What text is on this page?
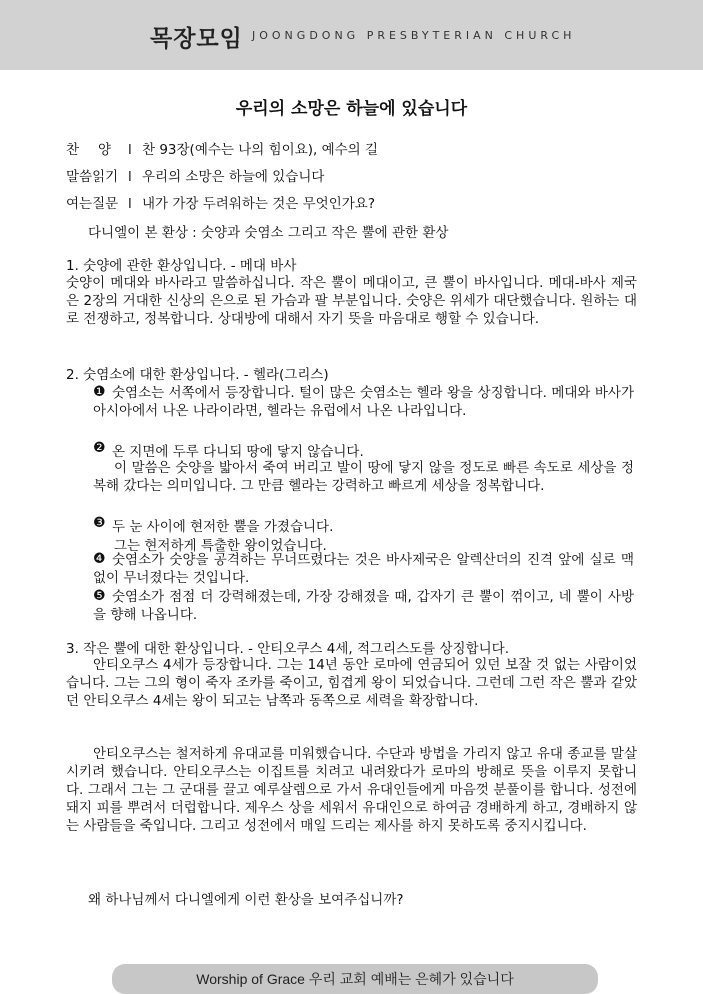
목장모임 JOONGDONG PRESBYTERIAN CHURCH
우리의 소망은 하늘에 있습니다
찬 양 l 찬 93장(예수는 나의 힘이요), 예수의 길
말씀읽기 l 우리의 소망은 하늘에 있습니다
여는질문 l 내가 가장 두려워하는 것은 무엇인가요?
다니엘이 본 환상 : 숫양과 숫염소 그리고 작은 뿔에 관한 환상
1. 숫양에 관한 환상입니다. - 메대 바사
숫양이 메대와 바사라고 말씀하십니다. 작은 뿔이 메대이고, 큰 뿔이 바사입니다. 메대-바사 제국은 2장의 거대한 신상의 은으로 된 가슴과 팔 부분입니다. 숫양은 위세가 대단했습니다. 원하는 대로 전쟁하고, 정복합니다. 상대방에 대해서 자기 뜻을 마음대로 행할 수 있습니다.
2. 숫염소에 대한 환상입니다. - 헬라(그리스)
❶ 숫염소는 서쪽에서 등장합니다. 털이 많은 숫염소는 헬라 왕을 상징합니다. 메대와 바사가 아시아에서 나온 나라이라면, 헬라는 유럽에서 나온 나라입니다.
❷ 온 지면에 두루 다니되 땅에 닿지 않습니다.
이 말씀은 숫양을 밟아서 죽여 버리고 발이 땅에 닿지 않을 정도로 빠른 속도로 세상을 정복해 갔다는 의미입니다. 그 만큼 헬라는 강력하고 빠르게 세상을 정복합니다.
❸ 두 눈 사이에 현저한 뿔을 가졌습니다.
그는 현저하게 특출한 왕이었습니다.
❹ 숫염소가 숫양을 공격하는 무너뜨렸다는 것은 바사제국은 알렉산더의 진격 앞에 실로 맥없이 무너졌다는 것입니다.
❺ 숫염소가 점점 더 강력해졌는데, 가장 강해졌을 때, 갑자기 큰 뿔이 꺾이고, 네 뿔이 사방을 향해 나옵니다.
3. 작은 뿔에 대한 환상입니다. - 안티오쿠스 4세, 적그리스도를 상징합니다.
안티오쿠스 4세가 등장합니다. 그는 14년 동안 로마에 연금되어 있던 보잘 것 없는 사람이었습니다. 그는 그의 형이 죽자 조카를 죽이고, 힘겹게 왕이 되었습니다. 그런데 그런 작은 뿔과 같았던 안티오쿠스 4세는 왕이 되고는 남쪽과 동쪽으로 세력을 확장합니다.
안티오쿠스는 철저하게 유대교를 미워했습니다. 수단과 방법을 가리지 않고 유대 종교를 말살시키려 했습니다. 안티오쿠스는 이집트를 치려고 내려왔다가 로마의 방해로 뜻을 이루지 못합니다. 그래서 그는 그 군대를 끌고 예루살렘으로 가서 유대인들에게 마음껏 분풀이를 합니다. 성전에 돼지 피를 뿌려서 더럽합니다. 제우스 상을 세워서 유대인으로 하여금 경배하게 하고, 경배하지 않는 사람들을 죽입니다. 그리고 성전에서 매일 드리는 제사를 하지 못하도록 중지시킵니다.
왜 하나님께서 다니엘에게 이런 환상을 보여주십니까?
Worship of Grace 우리 교회 예배는 은혜가 있습니다
